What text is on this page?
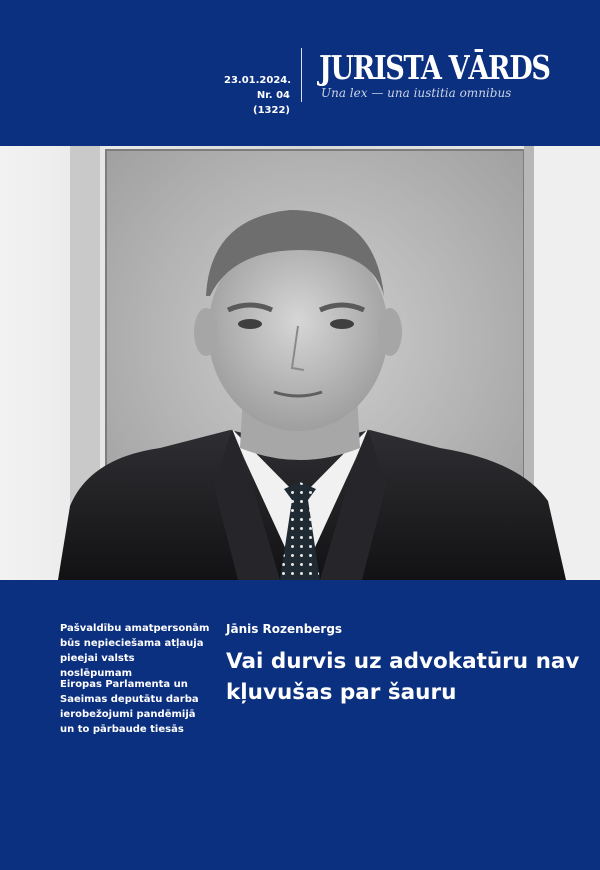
23.01.2024.
Nr. 04 (1322)
JURISTA VĀRDS
Una lex — una iustitia omnibus
Pašvaldību amatpersonām būs nepieciešama atļauja pieejai valsts noslēpumam
Eiropas Parlamenta un Saeimas deputātu darba ierobežojumi pandēmijā un to pārbaude tiesās
Jānis Rozenbergs
Vai durvis uz advokatūru nav kļuvušas par šauru
